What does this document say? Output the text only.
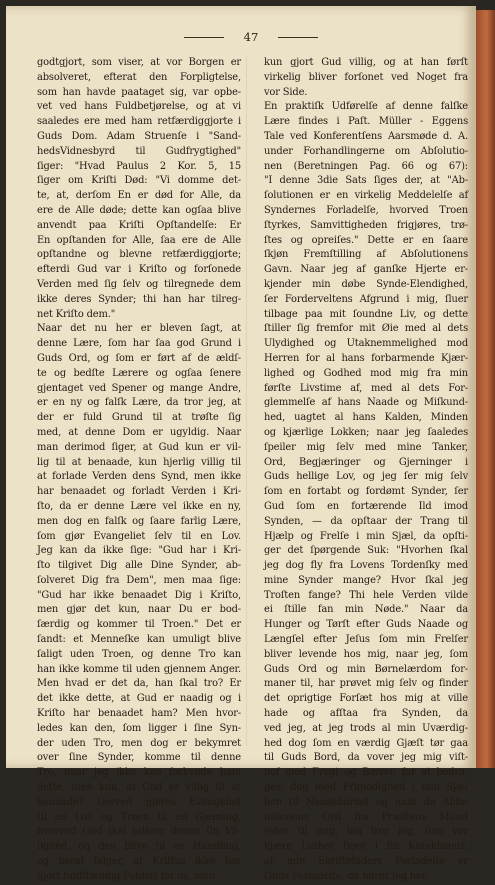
47
godtgjort, som viser, at vor Borgen er
absolveret, efterat den Forpligtelse,
som han havde paataget sig, var opbe-
vet ved hans Fuldbetjørelse, og at vi
saaledes ere med ham retfærdiggjorte i
Guds Dom. Adam Struenſe i "Sand-
hedsVidnesbyrd til Gudfrygtighed"
ſiger: "Hvad Paulus 2 Kor. 5, 15
ſiger om Kriſti Død: "Vi domme det-
te, at, derſom En er død for Alle, da
ere de Alle døde; dette kan ogſaa blive
anvendt paa Kriſti Opſtandelſe: Er
En opſtanden for Alle, ſaa ere de Alle
opſtandne og blevne retfærdiggjorte;
efterdi Gud var i Kriſto og forſonede
Verden med ſig ſelv og tilregnede dem
ikke deres Synder; thi han har tilreg-
net Kriſto dem."
Naar det nu her er bleven ſagt, at
denne Lære, ſom har ſaa god Grund i
Guds Ord, og ſom er ført af de ældſ-
te og bedſte Lærere og ogſaa ſenere
gjentaget ved Spener og mange Andre,
er en ny og falſk Lære, da tror jeg, at
der er fuld Grund til at trøſte ſig
med, at denne Dom er ugyldig. Naar
man derimod ſiger, at Gud kun er vil-
lig til at benaade, kun hjerlig villig til
at forlade Verden dens Synd, men ikke
har benaadet og forladt Verden i Kri-
ſto, da er denne Lære vel ikke en ny,
men dog en falſk og ſaare farlig Lære,
ſom gjør Evangeliet ſelv til en Lov.
Jeg kan da ikke ſige: "Gud har i Kri-
ſto tilgivet Dig alle Dine Synder, ab-
ſolveret Dig fra Dem", men maa ſige:
"Gud har ikke benaadet Dig i Kriſto,
men gjør det kun, naar Du er bod-
ſærdig og kommer til Troen." Det er
ſandt: et Menneſke kan umuligt blive
ſaligt uden Troen, og denne Tro kan
han ikke komme til uden gjennem Anger.
Men hvad er det da, han ſkal tro? Er
det ikke dette, at Gud er naadig og i
Kriſto har benaadet ham? Men hvor-
ledes kan den, ſom ligger i ſine Syn-
der uden Tro, men dog er bekymret
over ſine Synder, komme til denne
Tro, naar jeg ikke kan forkynde ham
dette, men kun, at Gud er villig til at
benaade? Derved gjøres Evangeliet
til en Lov og Troen til en Gjerning,
hvorved Gud ſkal udføre denne ſin Vil-
lighed, og den blive til en Handling,
og heraf følger, at Kriſtus ikke har
gjort fuldſtændig Fyldeſt for os, men
kun gjort Gud villig, og at han førſt
virkelig bliver forſonet ved Noget fra
vor Side.
En praktiſk Udførelſe af denne falſke
Lære findes i Paſt. Müller - Eggens
Tale ved Konferentſens Aarsmøde d. A.
under Forhandlingerne om Abſolutio-
nen (Beretningen Pag. 66 og 67):
"I denne 3die Sats ſiges der, at "Ab-
ſolutionen er en virkelig Meddelelſe af
Syndernes Forladelſe, hvorved Troen
ſtyrkes, Samvittigheden frigjøres, trø-
ſtes og opreiſes." Dette er en ſaare
ſkjøn Fremſtilling af Abſolutionens
Gavn. Naar jeg af ganſke Hjerte er-
kjender min døbe Synde-Elendighed,
ſer Forderveltens Afgrund i mig, ſluer
tilbage paa mit ſoundne Liv, og dette
ſtiller ſig fremfor mit Øie med al dets
Ulydighed og Utaknemmelighed mod
Herren for al hans forbarmende Kjær-
lighed og Godhed mod mig fra min
førſte Livstime af, med al dets For-
glemmelſe af hans Naade og Miſkund-
hed, uagtet al hans Kalden, Minden
og kjærlige Lokken; naar jeg ſaaledes
ſpeiler mig ſelv med mine Tanker,
Ord, Begjæringer og Gjerninger i
Guds hellige Lov, og jeg ſer mig ſelv
ſom en fortabt og fordømt Synder, ſer
Gud ſom en fortærende Ild imod
Synden, — da opſtaar der Trang til
Hjælp og Frelſe i min Sjæl, da opſti-
ger det ſpørgende Suk: "Hvorhen ſkal
jeg dog fly fra Lovens Tordenſky med
mine Synder mange? Hvor ſkal jeg
Troſten fange? Thi hele Verden vilde
ei ſtille fan min Nøde." Naar da
Hunger og Tørſt efter Guds Naade og
Længſel efter Jeſus ſom min Frelſer
bliver levende hos mig, naar jeg, ſom
Guds Ord og min Børnelærdom for-
maner til, har prøvet mig ſelv og finder
det oprigtige Forſæt hos mig at ville
hade og afſtaa fra Synden, da
ved jeg, at jeg trods al min Uværdig-
hed dog ſom en værdig Gjæſt tør gaa
til Guds Bord, da vover jeg mig viſt-
nof med Frygt og Bæven for at bedra-
ges, dog med Frimodighed i min Sjæl
hen til Naadebordet og naar da Abſo-
lutionens Ord fra Præſtens Mund
lyder til mig, ſaa tror jeg, ſom vor
kjære Luther ſiger i ſin Katekismus,
at min Skriftefaders Forladelſe er
Guds Forladelſe, da hører jeg her
